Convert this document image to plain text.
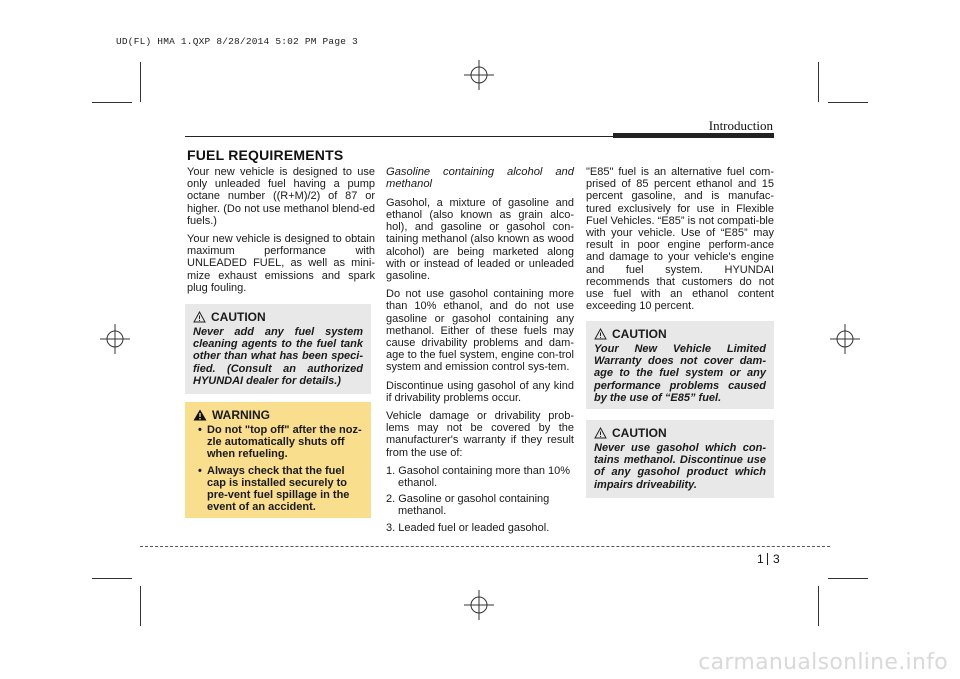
UD(FL) HMA 1.QXP 8/28/2014 5:02 PM Page 3
Introduction
FUEL REQUIREMENTS

Your new vehicle is designed to use only unleaded fuel having a pump octane number ((R+M)/2) of 87 or higher. (Do not use methanol blend-ed fuels.)

Your new vehicle is designed to obtain maximum performance with UNLEADED FUEL, as well as mini-mize exhaust emissions and spark plug fouling.

CAUTION
Never add any fuel system cleaning agents to the fuel tank other than what has been speci-fied. (Consult an authorized HYUNDAI dealer for details.)
WARNING
• Do not "top off" after the noz-zle automatically shuts off when refueling.
• Always check that the fuel cap is installed securely to pre-vent fuel spillage in the event of an accident.

Gasoline containing alcohol and methanol

Gasohol, a mixture of gasoline and ethanol (also known as grain alco-hol), and gasoline or gasohol con-taining methanol (also known as wood alcohol) are being marketed along with or instead of leaded or unleaded gasoline.

Do not use gasohol containing more than 10% ethanol, and do not use gasoline or gasohol containing any methanol. Either of these fuels may cause drivability problems and dam-age to the fuel system, engine con-trol system and emission control sys-tem.

Discontinue using gasohol of any kind if drivability problems occur.

Vehicle damage or drivability prob-lems may not be covered by the manufacturer's warranty if they result from the use of:

1. Gasohol containing more than 10% ethanol.
2. Gasoline or gasohol containing methanol.
3. Leaded fuel or leaded gasohol.

"E85" fuel is an alternative fuel com-prised of 85 percent ethanol and 15 percent gasoline, and is manufac-tured exclusively for use in Flexible Fuel Vehicles. “E85” is not compati-ble with your vehicle. Use of “E85” may result in poor engine perform-ance and damage to your vehicle's engine and fuel system. HYUNDAI recommends that customers do not use fuel with an ethanol content exceeding 10 percent.

CAUTION
Your New Vehicle Limited Warranty does not cover dam-age to the fuel system or any performance problems caused by the use of “E85” fuel.
CAUTION
Never use gasohol which con-tains methanol. Discontinue use of any gasohol product which impairs driveability.
1 3
carmanualsonline.info
